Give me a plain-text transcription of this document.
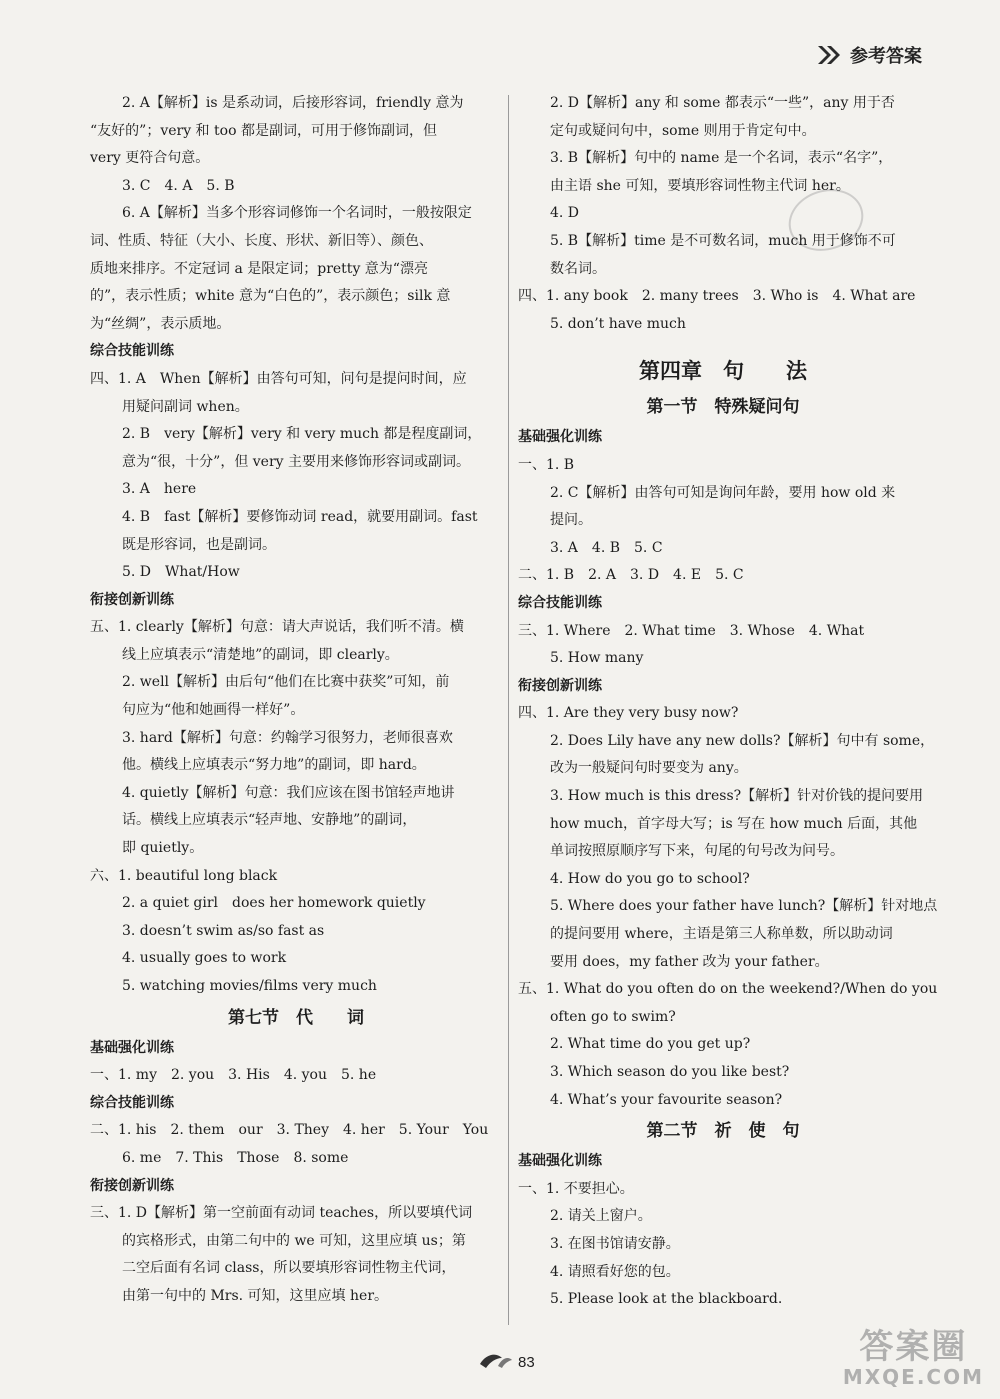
参考答案
2. A【解析】is 是系动词，后接形容词，friendly 意为
“友好的”；very 和 too 都是副词，可用于修饰副词，但
very 更符合句意。
3. C　4. A　5. B
6. A【解析】当多个形容词修饰一个名词时，一般按限定
词、性质、特征（大小、长度、形状、新旧等）、颜色、
质地来排序。不定冠词 a 是限定词；pretty 意为“漂亮
的”，表示性质；white 意为“白色的”，表示颜色；silk 意
为“丝绸”，表示质地。
综合技能训练
四、1. A　When【解析】由答句可知，问句是提问时间，应
用疑问副词 when。
2. B　very【解析】very 和 very much 都是程度副词，
意为“很，十分”，但 very 主要用来修饰形容词或副词。
3. A　here
4. B　fast【解析】要修饰动词 read，就要用副词。fast
既是形容词，也是副词。
5. D　What/How
衔接创新训练
五、1. clearly【解析】句意：请大声说话，我们听不清。横
线上应填表示“清楚地”的副词，即 clearly。
2. well【解析】由后句“他们在比赛中获奖”可知，前
句应为“他和她画得一样好”。
3. hard【解析】句意：约翰学习很努力，老师很喜欢
他。横线上应填表示“努力地”的副词，即 hard。
4. quietly【解析】句意：我们应该在图书馆轻声地讲
话。横线上应填表示“轻声地、安静地”的副词，
即 quietly。
六、1. beautiful long black
2. a quiet girl　does her homework quietly
3. doesn’t swim as/so fast as
4. usually goes to work
5. watching movies/films very much
第七节　代　　词
基础强化训练
一、1. my　2. you　3. His　4. you　5. he
综合技能训练
二、1. his　2. them　our　3. They　4. her　5. Your　You
6. me　7. This　Those　8. some
衔接创新训练
三、1. D【解析】第一空前面有动词 teaches，所以要填代词
的宾格形式，由第二句中的 we 可知，这里应填 us；第
二空后面有名词 class，所以要填形容词性物主代词，
由第一句中的 Mrs. 可知，这里应填 her。
2. D【解析】any 和 some 都表示“一些”，any 用于否
定句或疑问句中，some 则用于肯定句中。
3. B【解析】句中的 name 是一个名词，表示“名字”，
由主语 she 可知，要填形容词性物主代词 her。
4. D
5. B【解析】time 是不可数名词，much 用于修饰不可
数名词。
四、1. any book　2. many trees　3. Who is　4. What are
5. don’t have much
第四章　句　　法
第一节　特殊疑问句
基础强化训练
一、1. B
2. C【解析】由答句可知是询问年龄，要用 how old 来
提问。
3. A　4. B　5. C
二、1. B　2. A　3. D　4. E　5. C
综合技能训练
三、1. Where　2. What time　3. Whose　4. What
5. How many
衔接创新训练
四、1. Are they very busy now?
2. Does Lily have any new dolls?【解析】句中有 some，
改为一般疑问句时要变为 any。
3. How much is this dress?【解析】针对价钱的提问要用
how much，首字母大写；is 写在 how much 后面，其他
单词按照原顺序写下来，句尾的句号改为问号。
4. How do you go to school?
5. Where does your father have lunch?【解析】针对地点
的提问要用 where，主语是第三人称单数，所以助动词
要用 does，my father 改为 your father。
五、1. What do you often do on the weekend?/When do you
often go to swim?
2. What time do you get up?
3. Which season do you like best?
4. What’s your favourite season?
第二节　祈　使　句
基础强化训练
一、1. 不要担心。
2. 请关上窗户。
3. 在图书馆请安静。
4. 请照看好您的包。
5. Please look at the blackboard.
83	答案圈
MXQE.COM
